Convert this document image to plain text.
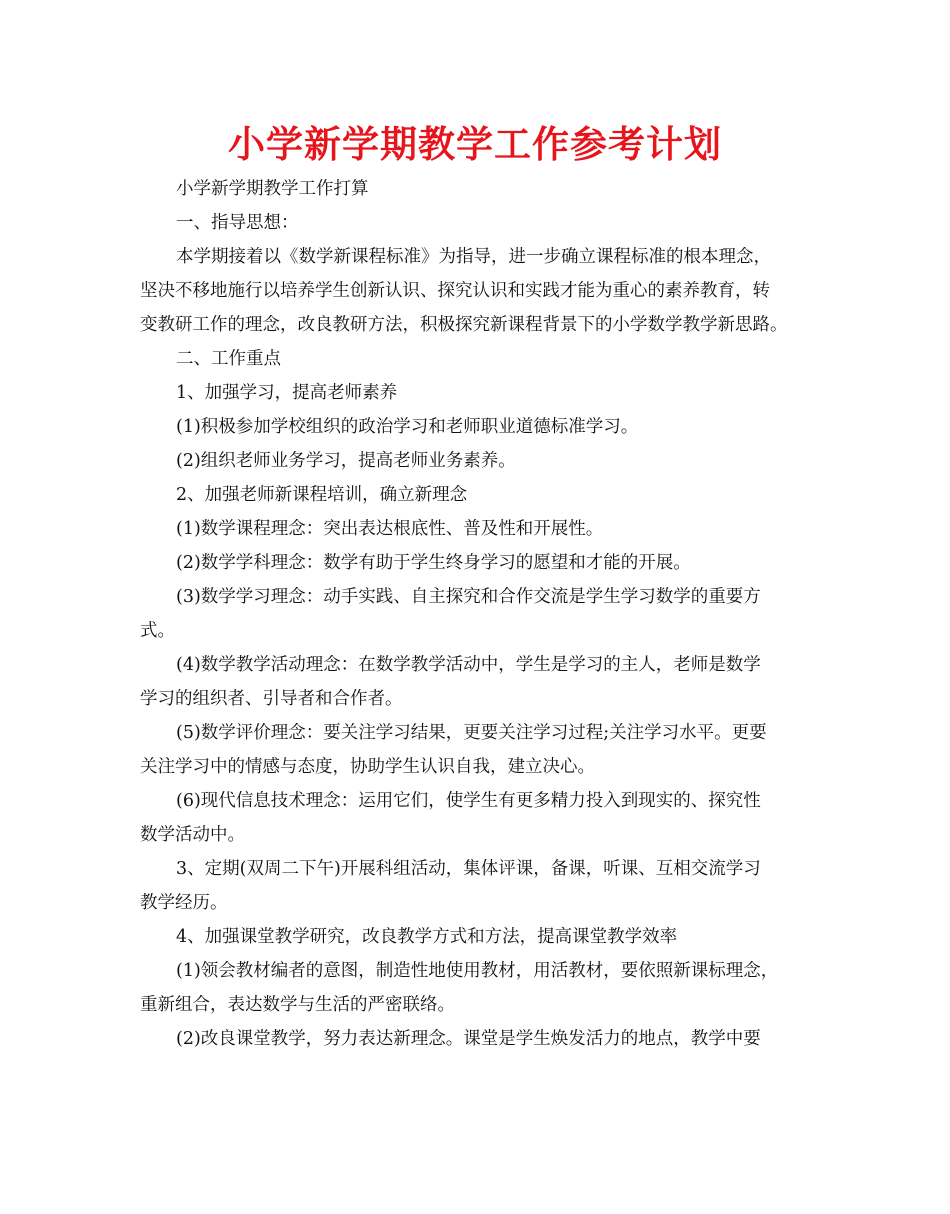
小学新学期教学工作参考计划

小学新学期教学工作打算

一、指导思想：

本学期接着以《数学新课程标准》为指导，进一步确立课程标准的根本理念，

坚决不移地施行以培养学生创新认识、探究认识和实践才能为重心的素养教育，转

变教研工作的理念，改良教研方法，积极探究新课程背景下的小学数学教学新思路。

二、工作重点

1、加强学习，提高老师素养

(1)积极参加学校组织的政治学习和老师职业道德标准学习。

(2)组织老师业务学习，提高老师业务素养。

2、加强老师新课程培训，确立新理念

(1)数学课程理念：突出表达根底性、普及性和开展性。

(2)数学学科理念：数学有助于学生终身学习的愿望和才能的开展。

(3)数学学习理念：动手实践、自主探究和合作交流是学生学习数学的重要方

式。

(4)数学教学活动理念：在数学教学活动中，学生是学习的主人，老师是数学

学习的组织者、引导者和合作者。

(5)数学评价理念：要关注学习结果，更要关注学习过程;关注学习水平。更要

关注学习中的情感与态度，协助学生认识自我，建立决心。

(6)现代信息技术理念：运用它们，使学生有更多精力投入到现实的、探究性

数学活动中。

3、定期(双周二下午)开展科组活动，集体评课，备课，听课、互相交流学习

教学经历。

4、加强课堂教学研究，改良教学方式和方法，提高课堂教学效率

(1)领会教材编者的意图，制造性地使用教材，用活教材，要依照新课标理念，

重新组合，表达数学与生活的严密联络。

(2)改良课堂教学，努力表达新理念。课堂是学生焕发活力的地点，教学中要
